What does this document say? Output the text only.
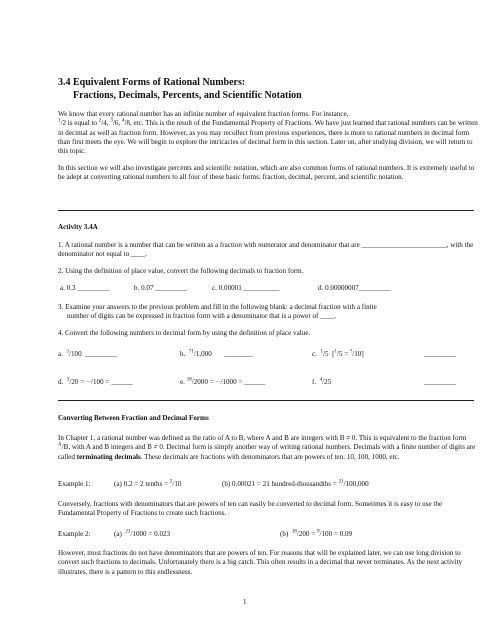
3.4 Equivalent Forms of Rational Numbers:
Fractions, Decimals, Percents, and Scientific Notation

We know that every rational number has an infinite number of equivalent fraction forms. For instance,
$^1$/2 is equal to $^2$/4, $^3$/6, $^4$/8, etc. This is the result of the Fundamental Property of Fractions. We have just learned that rational numbers can be written in decimal as well as fraction form. However, as you may recollect from previous experiences, there is more to rational numbers in decimal form than first meets the eye. We will begin to explore the intricacies of decimal form in this section. Later on, after studying division, we will return to this topic.

In this section we will also investigate percents and scientific notation, which are also common forms of rational numbers. It is extremely useful to be adept at converting rational numbers to all four of these basic forms: fraction, decimal, percent, and scientific notation.

Activity 3.4A

1. A rational number is a number that can be written as a fraction with numerator and denominator that are ________________________, with the denominator not equal to ____.

2. Using the definition of place value, convert the following decimals to fraction form.

a. 0.3 _________	b. 0.07 _________	c. 0.00001 __________	d. 0.00000007_________

3. Examine your answers to the previous problem and fill in the following blank: a decimal fraction with a finite
number of digits can be expressed in fraction form with a denominator that is a power of ____.

4. Convert the following numbers to decimal form by using the definition of place value.

a. $^3$/100 _________	b. $^{71}$/1,000 ________	c. $^1$/5 [$^1$/5 = ?/10]	_________
d. $^3$/20 = __/100 = ______	e. $^{18}$/2000 = __/1000 = ______	f. $^4$/25	_________

Converting Between Fraction and Decimal Forms

In Chapter 1, a rational number was defined as the ratio of A to B, where A and B are integers with B ≠ 0. This is equivalent to the fraction form $^A$/B, with A and B integers and B ≠ 0. Decimal form is simply another way of writing rational numbers. Decimals with a finite number of digits are called terminating decimals. These decimals are fractions with denominators that are powers of ten: 10, 100, 1000, etc.

Example 1:	(a) 0.2 = 2 tenths = $^2$/10	(b) 0.00021 = 21 hundred-thousandths = $^{21}$/100,000

Conversely, fractions with denominators that are powers of ten can easily be converted to decimal form. Sometimes it is easy to use the Fundamental Property of Fractions to create such fractions.

Example 2:	(a) $^{23}$/1000 = 0.023	(b) $^{18}$/200 = $^9$/100 = 0.09

However, most fractions do not have denominators that are powers of ten. For reasons that will be explained later, we can use long division to convert such fractions to decimals. Unfortunately there is a big catch. This often results in a decimal that never terminates. As the next activity illustrates, there is a pattern to this endlessness.

1
